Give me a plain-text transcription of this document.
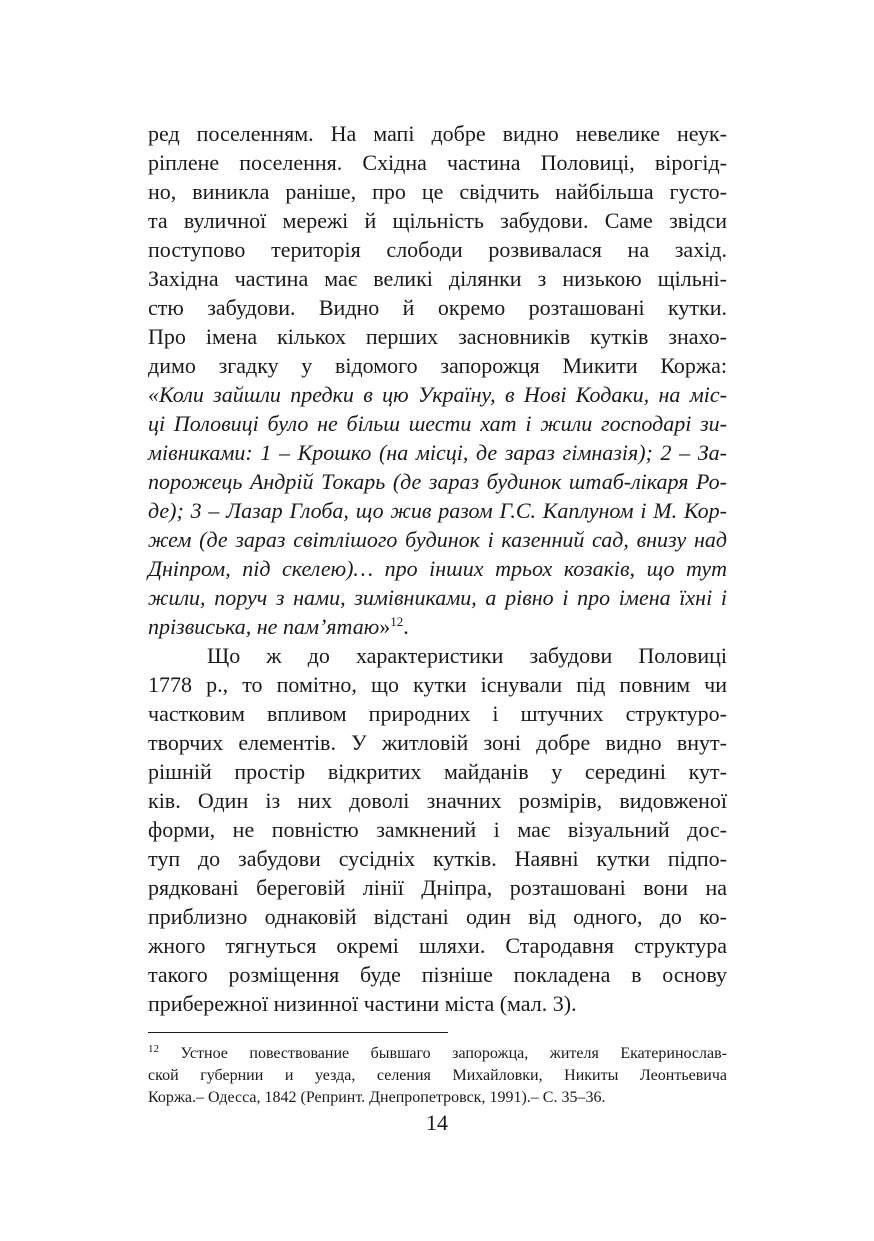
ред поселенням. На мапі добре видно невелике неук-
ріплене поселення. Східна частина Половиці, вірогід-
но, виникла раніше, про це свідчить найбільша густо-
та вуличної мережі й щільність забудови. Саме звідси
поступово територія слободи розвивалася на захід.
Західна частина має великі ділянки з низькою щільні-
стю забудови. Видно й окремо розташовані кутки.
Про імена кількох перших засновників кутків знахо-
димо згадку у відомого запорожця Микити Коржа:
«Коли зайшли предки в цю Україну, в Нові Кодаки, на міс-
ці Половиці було не більш шести хат і жили господарі зи-
мівниками: 1 – Крошко (на місці, де зараз гімназія); 2 – За-
порожець Андрій Токарь (де зараз будинок штаб-лікаря Ро-
де); 3 – Лазар Глоба, що жив разом Г.С. Каплуном і М. Кор-
жем (де зараз світлішого будинок і казенний сад, внизу над
Дніпром, під скелею)… про інших трьох козаків, що тут
жили, поруч з нами, зимівниками, а рівно і про імена їхні і
прізвиська, не пам’ятаю»$^{12}$.
Що ж до характеристики забудови Половиці
1778 р., то помітно, що кутки існували під повним чи
частковим впливом природних і штучних структуро-
творчих елементів. У житловій зоні добре видно внут-
рішній простір відкритих майданів у середині кут-
ків. Один із них доволі значних розмірів, видовженої
форми, не повністю замкнений і має візуальний дос-
туп до забудови сусідніх кутків. Наявні кутки підпо-
рядковані береговій лінії Дніпра, розташовані вони на
приблизно однаковій відстані один від одного, до ко-
жного тягнуться окремі шляхи. Стародавня структура
такого розміщення буде пізніше покладена в основу
прибережної низинної частини міста (мал. 3).
$^{12}$ Устное повествование бывшаго запорожца, жителя Екатеринослав-
ской губернии и уезда, селения Михайловки, Никиты Леонтьевича
Коржа.– Одесса, 1842 (Репринт. Днепропетровск, 1991).– С. 35–36.
14
